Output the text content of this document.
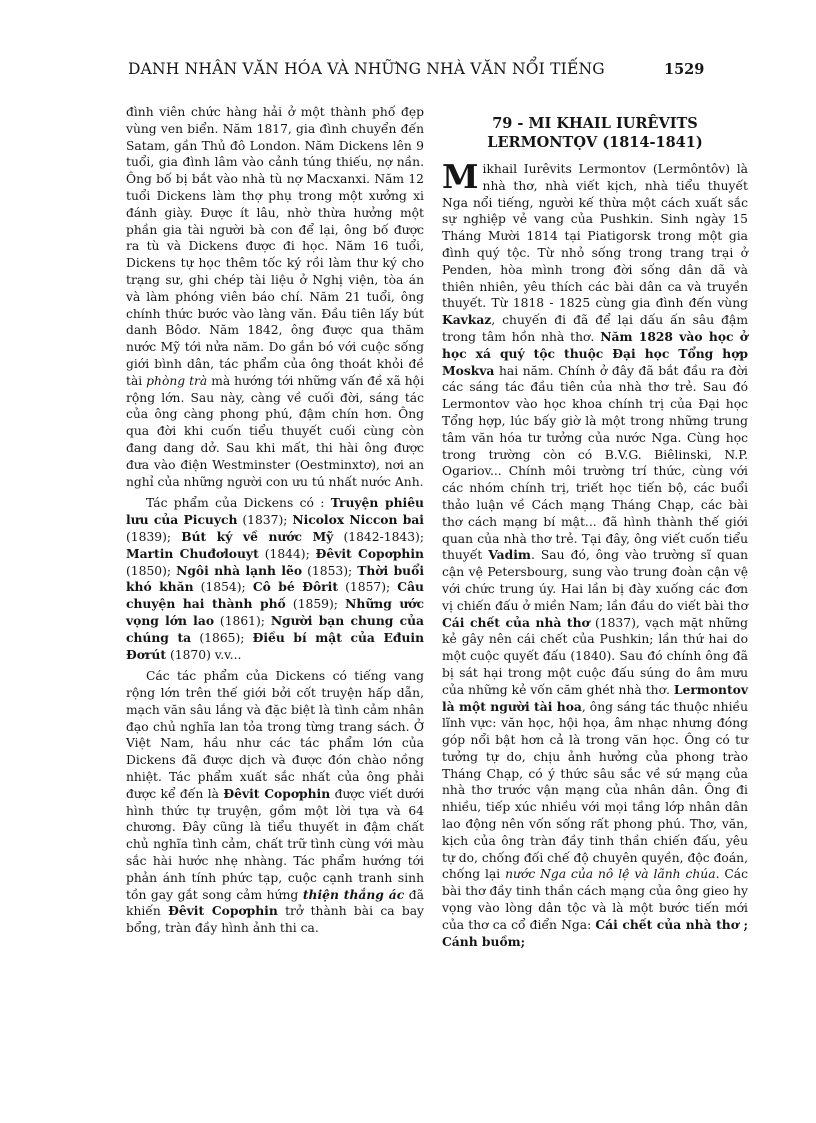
DANH NHÂN VĂN HÓA VÀ NHỮNG NHÀ VĂN NỔI TIẾNG	1529

đình viên chức hàng hải ở một thành phố đẹp vùng ven biển. Năm 1817, gia đình chuyển đến Satam, gần Thủ đô London. Năm Dickens lên 9 tuổi, gia đình lâm vào cảnh túng thiếu, nợ nần. Ông bố bị bắt vào nhà tù nợ Macxanxi. Năm 12 tuổi Dickens làm thợ phụ trong một xưởng xi đánh giày. Được ít lâu, nhờ thừa hưởng một phần gia tài người bà con để lại, ông bố được ra tù và Dickens được đi học. Năm 16 tuổi, Dickens tự học thêm tốc ký rồi làm thư ký cho trạng sư, ghi chép tài liệu ở Nghị viện, tòa án và làm phóng viên báo chí. Năm 21 tuổi, ông chính thức bước vào làng văn. Đầu tiên lấy bút danh Bôdơ. Năm 1842, ông được qua thăm nước Mỹ tới nửa năm. Do gắn bó với cuộc sống giới bình dân, tác phẩm của ông thoát khỏi đề tài phòng trà mà hướng tới những vấn đề xã hội rộng lớn. Sau này, càng về cuối đời, sáng tác của ông càng phong phú, đậm chín hơn. Ông qua đời khi cuốn tiểu thuyết cuối cùng còn đang dang dở. Sau khi mất, thi hài ông được đưa vào điện Westminster (Oestminxtơ), nơi an nghỉ của những người con ưu tú nhất nước Anh.

Tác phẩm của Dickens có : Truyện phiêu lưu của Picuych (1837); Nicolox Niccon bai (1839); Bút ký về nước Mỹ (1842-1843); Martin Chuđơlouyt (1844); Đêvit Copơphin (1850); Ngôi nhà lạnh lẽo (1853); Thời buổi khó khăn (1854); Cô bé Đôrit (1857); Câu chuyện hai thành phố (1859); Những ước vọng lớn lao (1861); Người bạn chung của chúng ta (1865); Điều bí mật của Eđuin Đơrút (1870) v.v...

Các tác phẩm của Dickens có tiếng vang rộng lớn trên thế giới bởi cốt truyện hấp dẫn, mạch văn sâu lắng và đặc biệt là tình cảm nhân đạo chủ nghĩa lan tỏa trong từng trang sách. Ở Việt Nam, hầu như các tác phẩm lớn của Dickens đã được dịch và được đón chào nồng nhiệt. Tác phẩm xuất sắc nhất của ông phải được kể đến là Đêvit Copơphin được viết dưới hình thức tự truyện, gồm một lời tựa và 64 chương. Đây cũng là tiểu thuyết in đậm chất chủ nghĩa tình cảm, chất trữ tình cùng với màu sắc hài hước nhẹ nhàng. Tác phẩm hướng tới phản ánh tính phức tạp, cuộc cạnh tranh sinh tồn gay gắt song cảm hứng thiện thắng ác đã khiến Đêvit Copơphin trở thành bài ca bay bổng, tràn đầy hình ảnh thi ca.

79 - MI KHAIL IURÊVITS
LERMONTỌV (1814-1841)

Mikhail Iurêvits Lermontov (Lermôntôv) là nhà thơ, nhà viết kịch, nhà tiểu thuyết Nga nổi tiếng, người kế thừa một cách xuất sắc sự nghiệp vẻ vang của Pushkin. Sinh ngày 15 Tháng Mười 1814 tại Piatigorsk trong một gia đình quý tộc. Từ nhỏ sống trong trang trại ở Penden, hòa mình trong đời sống dân dã và thiên nhiên, yêu thích các bài dân ca và truyền thuyết. Từ 1818 - 1825 cùng gia đình đến vùng Kavkaz, chuyến đi đã để lại dấu ấn sâu đậm trong tâm hồn nhà thơ. Năm 1828 vào học ở học xá quý tộc thuộc Đại học Tổng hợp Moskva hai năm. Chính ở đây đã bắt đầu ra đời các sáng tác đầu tiên của nhà thơ trẻ. Sau đó Lermontov vào học khoa chính trị của Đại học Tổng hợp, lúc bấy giờ là một trong những trung tâm văn hóa tư tưởng của nước Nga. Cùng học trong trường còn có B.V.G. Biêlinski, N.P. Ogariov... Chính môi trường trí thức, cùng với các nhóm chính trị, triết học tiến bộ, các buổi thảo luận về Cách mạng Tháng Chạp, các bài thơ cách mạng bí mật... đã hình thành thế giới quan của nhà thơ trẻ. Tại đây, ông viết cuốn tiểu thuyết Vadim. Sau đó, ông vào trường sĩ quan cận vệ Petersbourg, sung vào trung đoàn cận vệ với chức trung úy. Hai lần bị đày xuống các đơn vị chiến đấu ở miền Nam; lần đầu do viết bài thơ Cái chết của nhà thơ (1837), vạch mặt những kẻ gây nên cái chết của Pushkin; lần thứ hai do một cuộc quyết đấu (1840). Sau đó chính ông đã bị sát hại trong một cuộc đấu súng do âm mưu của những kẻ vốn căm ghét nhà thơ. Lermontov là một người tài hoa, ông sáng tác thuộc nhiều lĩnh vực: văn học, hội họa, âm nhạc nhưng đóng góp nổi bật hơn cả là trong văn học. Ông có tư tưởng tự do, chịu ảnh hưởng của phong trào Tháng Chạp, có ý thức sâu sắc về sứ mạng của nhà thơ trước vận mạng của nhân dân. Ông đi nhiều, tiếp xúc nhiều với mọi tầng lớp nhân dân lao động nên vốn sống rất phong phú. Thơ, văn, kịch của ông tràn đầy tinh thần chiến đấu, yêu tự do, chống đối chế độ chuyên quyền, độc đoán, chống lại nước Nga của nô lệ và lãnh chúa. Các bài thơ đầy tinh thần cách mạng của ông gieo hy vọng vào lòng dân tộc và là một bước tiến mới của thơ ca cổ điển Nga: Cái chết của nhà thơ ; Cánh buồm;
